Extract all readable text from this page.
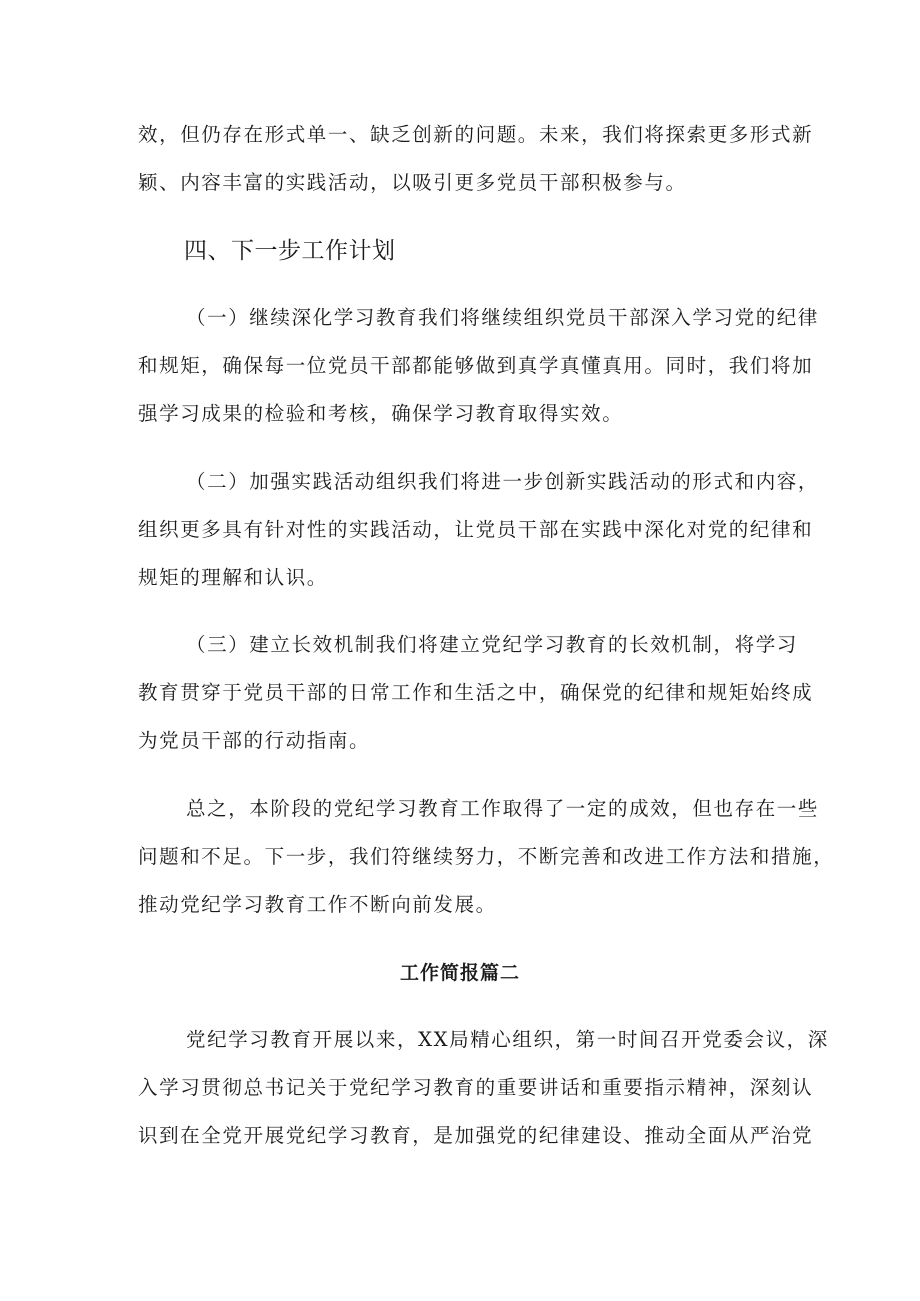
效，但仍存在形式单一、缺乏创新的问题。未来，我们将探索更多形式新
颖、内容丰富的实践活动，以吸引更多党员干部积极参与。
四、下一步工作计划
（一）继续深化学习教育我们将继续组织党员干部深入学习党的纪律
和规矩，确保每一位党员干部都能够做到真学真懂真用。同时，我们将加
强学习成果的检验和考核，确保学习教育取得实效。
（二）加强实践活动组织我们将进一步创新实践活动的形式和内容，
组织更多具有针对性的实践活动，让党员干部在实践中深化对党的纪律和
规矩的理解和认识。
（三）建立长效机制我们将建立党纪学习教育的长效机制，将学习
教育贯穿于党员干部的日常工作和生活之中，确保党的纪律和规矩始终成
为党员干部的行动指南。
总之，本阶段的党纪学习教育工作取得了一定的成效，但也存在一些
问题和不足。下一步，我们符继续努力，不断完善和改进工作方法和措施，
推动党纪学习教育工作不断向前发展。
工作简报篇二
党纪学习教育开展以来，XX局精心组织，第一时间召开党委会议，深
入学习贯彻总书记关于党纪学习教育的重要讲话和重要指示精神，深刻认
识到在全党开展党纪学习教育，是加强党的纪律建设、推动全面从严治党
